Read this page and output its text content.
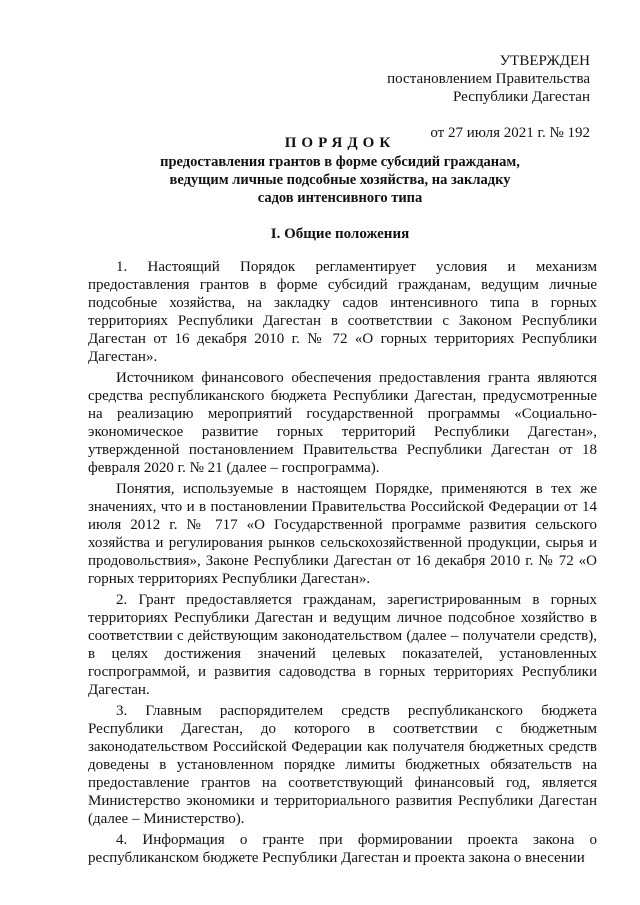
УТВЕРЖДЕН
постановлением Правительства
Республики Дагестан
от 27 июля 2021 г. № 192
ПОРЯДОК
предоставления грантов в форме субсидий гражданам,
ведущим личные подсобные хозяйства, на закладку
садов интенсивного типа
I. Общие положения

1. Настоящий Порядок регламентирует условия и механизм предоставления грантов в форме субсидий гражданам, ведущим личные подсобные хозяйства, на закладку садов интенсивного типа в горных территориях Республики Дагестан в соответствии с Законом Республики Дагестан от 16 декабря 2010 г. № 72 «О горных территориях Республики Дагестан».

Источником финансового обеспечения предоставления гранта являются средства республиканского бюджета Республики Дагестан, предусмотренные на реализацию мероприятий государственной программы «Социально-экономическое развитие горных территорий Республики Дагестан», утвержденной постановлением Правительства Республики Дагестан от 18 февраля 2020 г. № 21 (далее – госпрограмма).

Понятия, используемые в настоящем Порядке, применяются в тех же значениях, что и в постановлении Правительства Российской Федерации от 14 июля 2012 г. № 717 «О Государственной программе развития сельского хозяйства и регулирования рынков сельскохозяйственной продукции, сырья и продовольствия», Законе Республики Дагестан от 16 декабря 2010 г. № 72 «О горных территориях Республики Дагестан».

2. Грант предоставляется гражданам, зарегистрированным в горных территориях Республики Дагестан и ведущим личное подсобное хозяйство в соответствии с действующим законодательством (далее – получатели средств), в целях достижения значений целевых показателей, установленных госпрограммой, и развития садоводства в горных территориях Республики Дагестан.

3. Главным распорядителем средств республиканского бюджета Республики Дагестан, до которого в соответствии с бюджетным законодательством Российской Федерации как получателя бюджетных средств доведены в установленном порядке лимиты бюджетных обязательств на предоставление грантов на соответствующий финансовый год, является Министерство экономики и территориального развития Республики Дагестан (далее – Министерство).

4. Информация о гранте при формировании проекта закона о республиканском бюджете Республики Дагестан и проекта закона о внесении
